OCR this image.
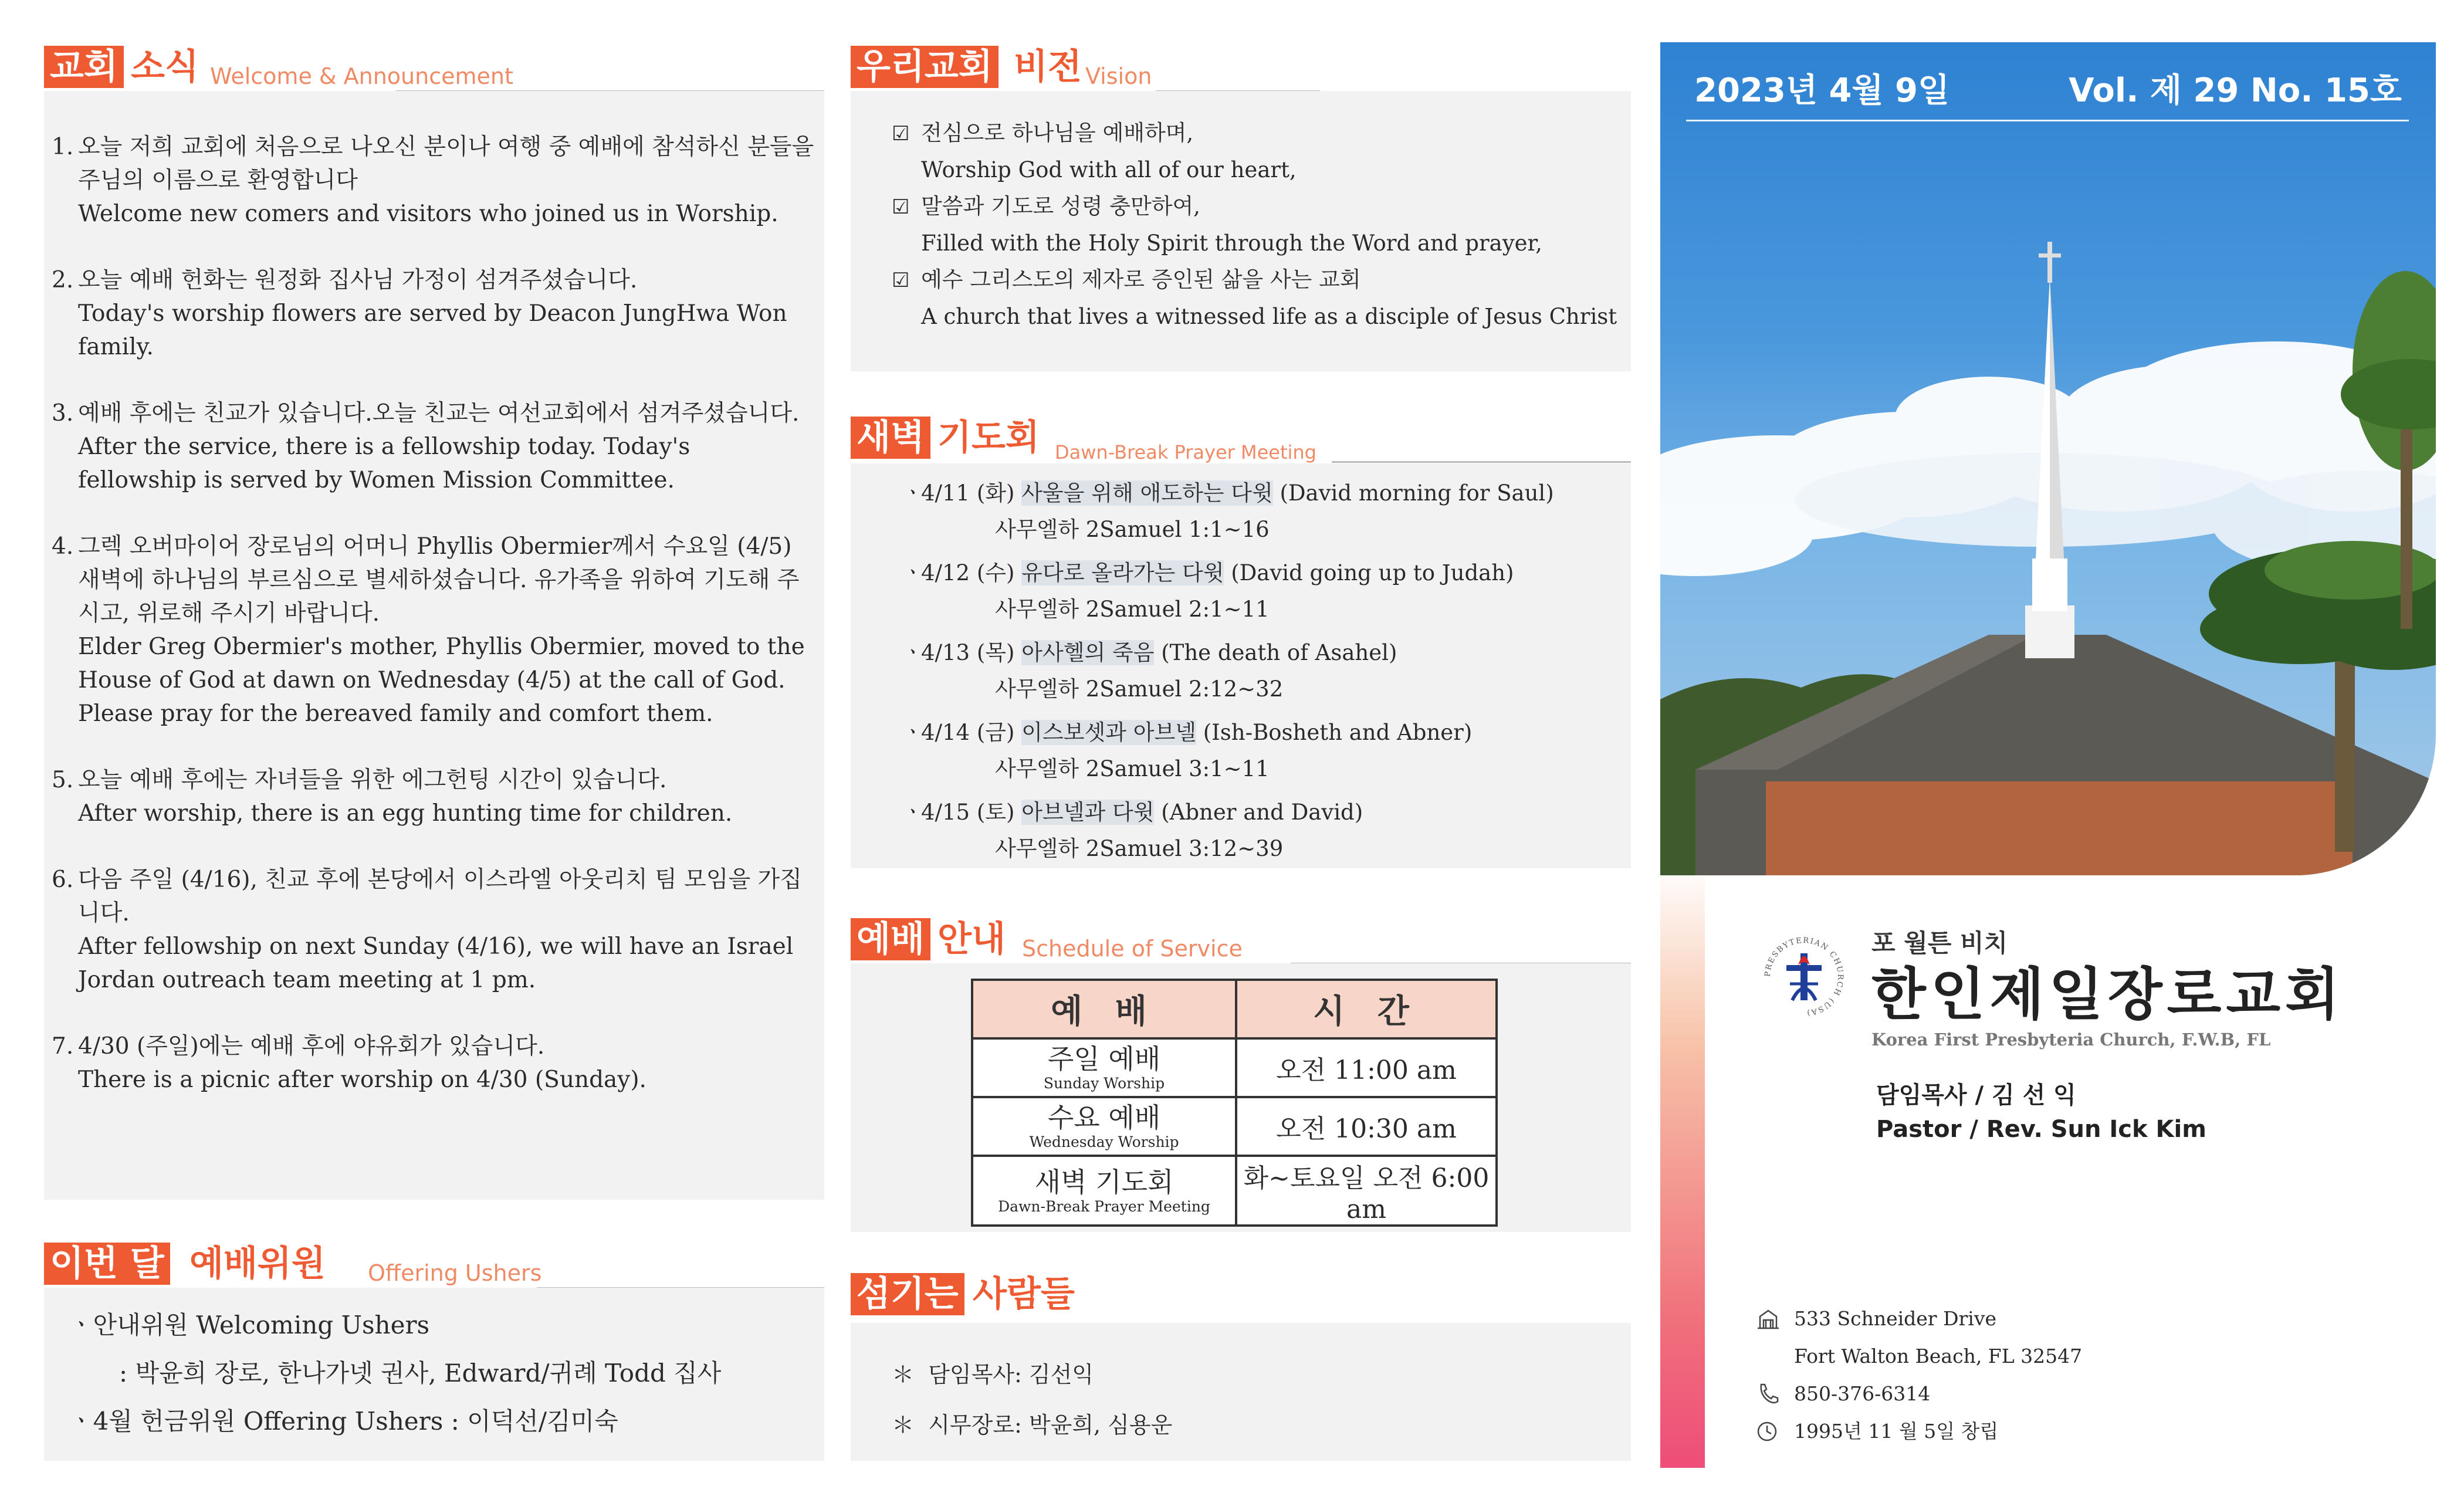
교회 소식 Welcome & Announcement
1. 오늘 저희 교회에 처음으로 나오신 분이나 여행 중 예배에 참석하신 분들을 주님의 이름으로 환영합니다
Welcome new comers and visitors who joined us in Worship.
2. 오늘 예배 헌화는 원정화 집사님 가정이 섬겨주셨습니다.
Today's worship flowers are served by Deacon JungHwa Won family.
3. 예배 후에는 친교가 있습니다.오늘 친교는 여선교회에서 섬겨주셨습니다.
After the service, there is a fellowship today. Today's fellowship is served by Women Mission Committee.
4. 그렉 오버마이어 장로님의 어머니 Phyllis Obermier께서 수요일 (4/5) 새벽에 하나님의 부르심으로 별세하셨습니다. 유가족을 위하여 기도해 주시고, 위로해 주시기 바랍니다.
Elder Greg Obermier's mother, Phyllis Obermier, moved to the House of God at dawn on Wednesday (4/5) at the call of God. Please pray for the bereaved family and comfort them.
5. 오늘 예배 후에는 자녀들을 위한 에그헌팅 시간이 있습니다.
After worship, there is an egg hunting time for children.
6. 다음 주일 (4/16), 친교 후에 본당에서 이스라엘 아웃리치 팀 모임을 가집니다.
After fellowship on next Sunday (4/16), we will have an Israel Jordan outreach team meeting at 1 pm.
7. 4/30 (주일)에는 예배 후에 야유회가 있습니다.
There is a picnic after worship on 4/30 (Sunday).
이번 달 예배위원 Offering Ushers
ㆍ안내위원 Welcoming Ushers
: 박윤희 장로, 한나가넷 권사, Edward/귀례 Todd 집사
ㆍ4월 헌금위원 Offering Ushers : 이덕선/김미숙
우리교회 비전 Vision
☑ 전심으로 하나님을 예배하며,
Worship God with all of our heart,
☑ 말씀과 기도로 성령 충만하여,
Filled with the Holy Spirit through the Word and prayer,
☑ 예수 그리스도의 제자로 증인된 삶을 사는 교회
A church that lives a witnessed life as a disciple of Jesus Christ
새벽 기도회 Dawn-Break Prayer Meeting
ㆍ4/11 (화) 사울을 위해 애도하는 다윗 (David morning for Saul)
사무엘하 2Samuel 1:1~16
ㆍ4/12 (수) 유다로 올라가는 다윗 (David going up to Judah)
사무엘하 2Samuel 2:1~11
ㆍ4/13 (목) 아사헬의 죽음 (The death of Asahel)
사무엘하 2Samuel 2:12~32
ㆍ4/14 (금) 이스보셋과 아브넬 (Ish-Bosheth and Abner)
사무엘하 2Samuel 3:1~11
ㆍ4/15 (토) 아브넬과 다윗 (Abner and David)
사무엘하 2Samuel 3:12~39
예배 안내 Schedule of Service
예 배	시 간

주일 예배
Sunday Worship	오전 11:00 am

수요 예배
Wednesday Worship	오전 10:30 am

새벽 기도회
Dawn-Break Prayer Meeting	화~토요일 오전 6:00 am
섬기는 사람들
＊ 담임목사: 김선익
＊ 시무장로: 박윤희, 심용운
2023년 4월 9일	Vol. 제 29 No. 15호
PRESBYTERIAN CHURCH (USA)
포 월튼 비치
한인제일장로교회
Korea First Presbyteria Church, F.W.B, FL
담임목사 / 김 선 익
Pastor / Rev. Sun Ick Kim
533 Schneider Drive
Fort Walton Beach, FL 32547
850-376-6314
1995년 11 월 5일 창립
